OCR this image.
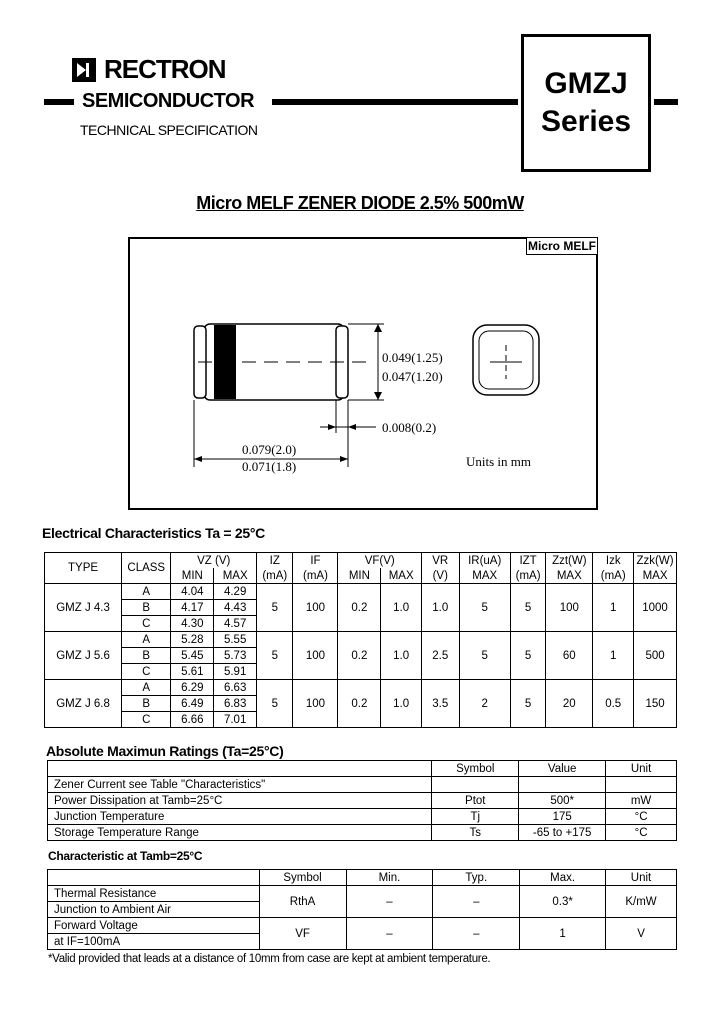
RECTRON
SEMICONDUCTOR
TECHNICAL SPECIFICATION
GMZJ
Series
Micro MELF ZENER DIODE 2.5% 500mW
Micro MELF
0.049(1.25)
0.047(1.20)
0.008(0.2)
0.079(2.0)
0.071(1.8)	Units in mm
Electrical Characteristics Ta = 25°C
TYPE	CLASS	VZ (V)		IZ	IF	VF(V)		VR	IR(uA)	IZT	Zzt(W)	Izk	Zzk(W)
		MIN	MAX	(mA)	(mA)	MIN	MAX	(V)	MAX	(mA)	MAX	(mA)	MAX
GMZ J 4.3	A	4.04	4.29	5	100	0.2	1.0	1.0	5	5	100	1	1000
	B	4.17	4.43										
	C	4.30	4.57										
GMZ J 5.6	A	5.28	5.55	5	100	0.2	1.0	2.5	5	5	60	1	500
	B	5.45	5.73										
	C	5.61	5.91										
GMZ J 6.8	A	6.29	6.63	5	100	0.2	1.0	3.5	2	5	20	0.5	150
	B	6.49	6.83										
	C	6.66	7.01										
Absolute Maximun Ratings (Ta=25°C)
	Symbol	Value	Unit
Zener Current see Table "Characteristics"			
Power Dissipation at Tamb=25°C	Ptot	500*	mW
Junction Temperature	Tj	175	°C
Storage Temperature Range	Ts	-65 to +175	°C
Characteristic at Tamb=25°C
	Symbol	Min.	Typ.	Max.	Unit
Thermal Resistance	RthA	–	–	0.3*	K/mW
Junction to Ambient Air					
Forward Voltage	VF	–	–	1	V
at IF=100mA					
*Valid provided that leads at a distance of 10mm from case are kept at ambient temperature.
